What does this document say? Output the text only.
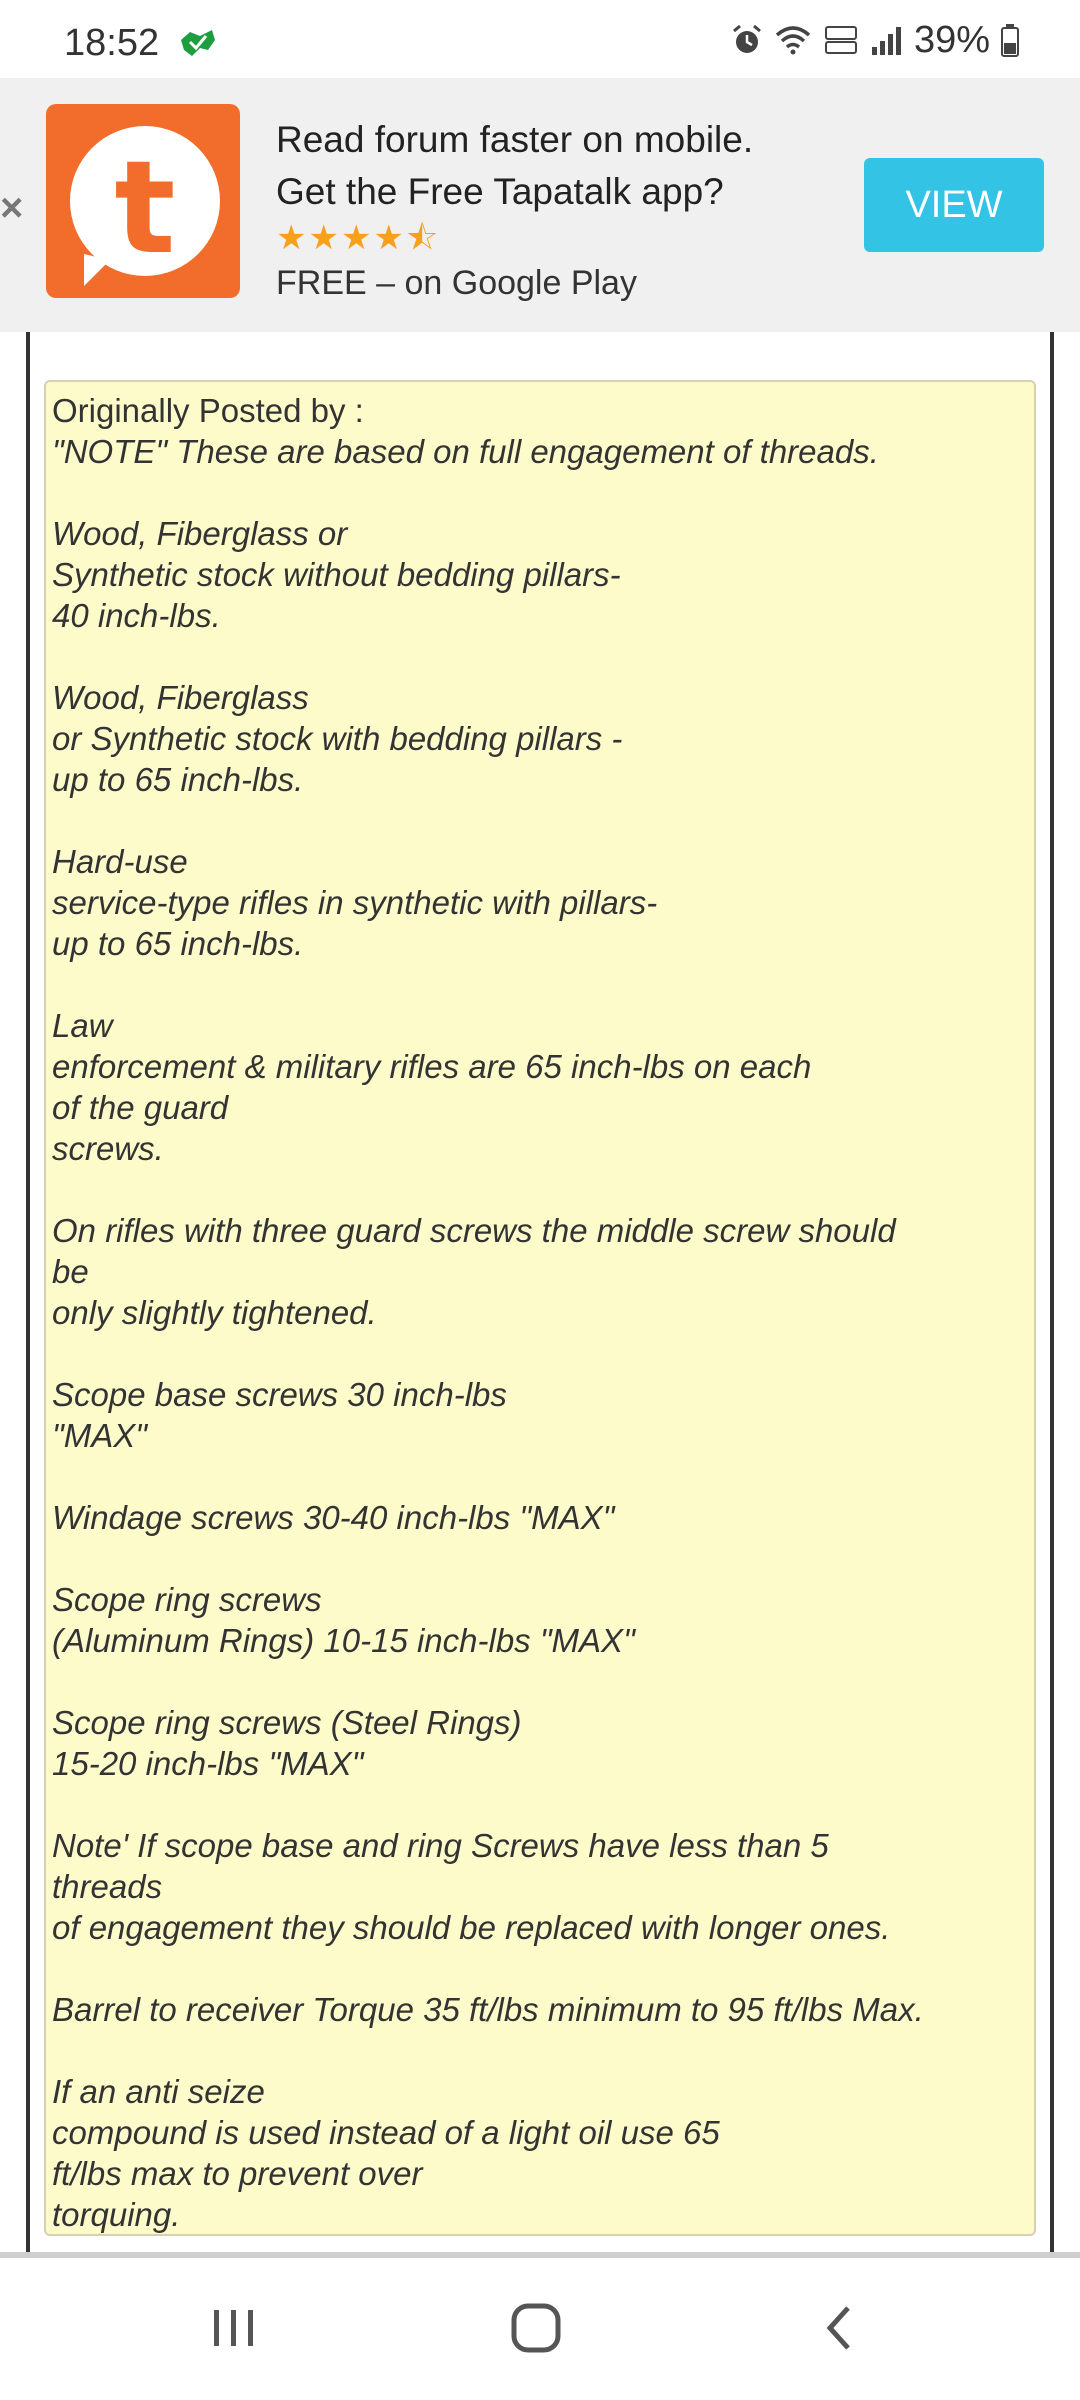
18:52	39%
× t	Read forum faster on mobile.
Get the Free Tapatalk app?
★★★★⯪
FREE – on Google Play
VIEW
Originally Posted by :
"NOTE" These are based on full engagement of threads.

Wood, Fiberglass or
Synthetic stock without bedding pillars-
40 inch-lbs.

Wood, Fiberglass
or Synthetic stock with bedding pillars -
up to 65 inch-lbs.

Hard-use
service-type rifles in synthetic with pillars-
up to 65 inch-lbs.

Law
enforcement & military rifles are 65 inch-lbs on each
of the guard
screws.

On rifles with three guard screws the middle screw should
be
only slightly tightened.

Scope base screws 30 inch-lbs
"MAX"

Windage screws 30-40 inch-lbs "MAX"

Scope ring screws
(Aluminum Rings) 10-15 inch-lbs "MAX"

Scope ring screws (Steel Rings)
15-20 inch-lbs "MAX"

Note' If scope base and ring Screws have less than 5
threads
of engagement they should be replaced with longer ones.

Barrel to receiver Torque 35 ft/lbs minimum to 95 ft/lbs Max.

If an anti seize
compound is used instead of a light oil use 65
ft/lbs max to prevent over
torquing.
